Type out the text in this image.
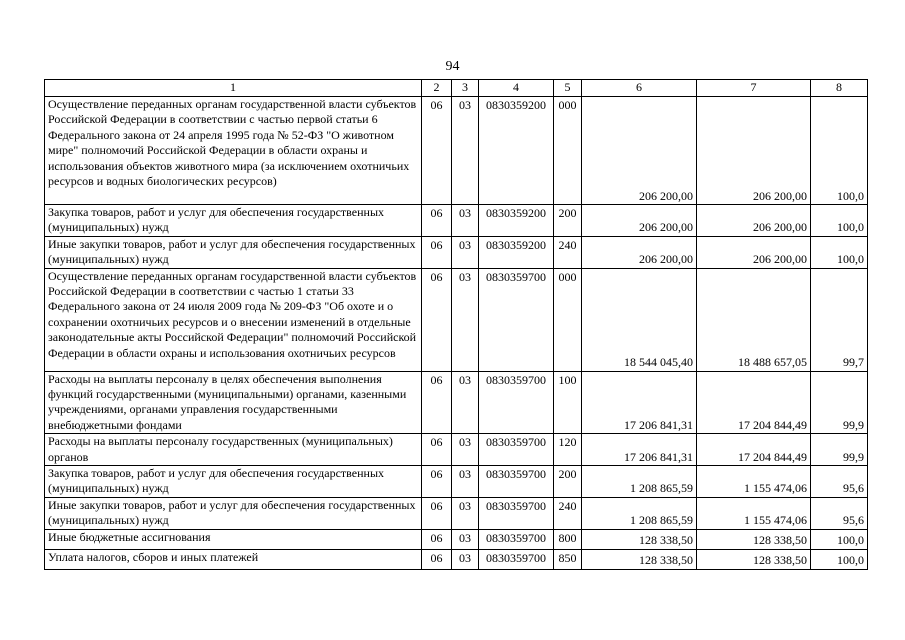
94
1	2	3	4	5	6	7	8
Осуществление переданных органам государственной власти субъектов Российской Федерации в соответствии с частью первой статьи 6 Федерального закона от 24 апреля 1995 года № 52-ФЗ "О животном мире" полномочий Российской Федерации в области охраны и использования объектов животного мира (за исключением охотничьих ресурсов и водных биологических ресурсов)	06	03	0830359200	000	206 200,00	206 200,00	100,0
Закупка товаров, работ и услуг для обеспечения государственных (муниципальных) нужд	06	03	0830359200	200	206 200,00	206 200,00	100,0
Иные закупки товаров, работ и услуг для обеспечения государственных (муниципальных) нужд	06	03	0830359200	240	206 200,00	206 200,00	100,0
Осуществление переданных органам государственной власти субъектов Российской Федерации в соответствии с частью 1 статьи 33 Федерального закона от 24 июля 2009 года № 209-ФЗ "Об охоте и о сохранении охотничьих ресурсов и о внесении изменений в отдельные законодательные акты Российской Федерации" полномочий Российской Федерации в области охраны и использования охотничьих ресурсов	06	03	0830359700	000	18 544 045,40	18 488 657,05	99,7
Расходы на выплаты персоналу в целях обеспечения выполнения функций государственными (муниципальными) органами, казенными учреждениями, органами управления государственными внебюджетными фондами	06	03	0830359700	100	17 206 841,31	17 204 844,49	99,9
Расходы на выплаты персоналу государственных (муниципальных) органов	06	03	0830359700	120	17 206 841,31	17 204 844,49	99,9
Закупка товаров, работ и услуг для обеспечения государственных (муниципальных) нужд	06	03	0830359700	200	1 208 865,59	1 155 474,06	95,6
Иные закупки товаров, работ и услуг для обеспечения государственных (муниципальных) нужд	06	03	0830359700	240	1 208 865,59	1 155 474,06	95,6
Иные бюджетные ассигнования	06	03	0830359700	800	128 338,50	128 338,50	100,0
Уплата налогов, сборов и иных платежей	06	03	0830359700	850	128 338,50	128 338,50	100,0
